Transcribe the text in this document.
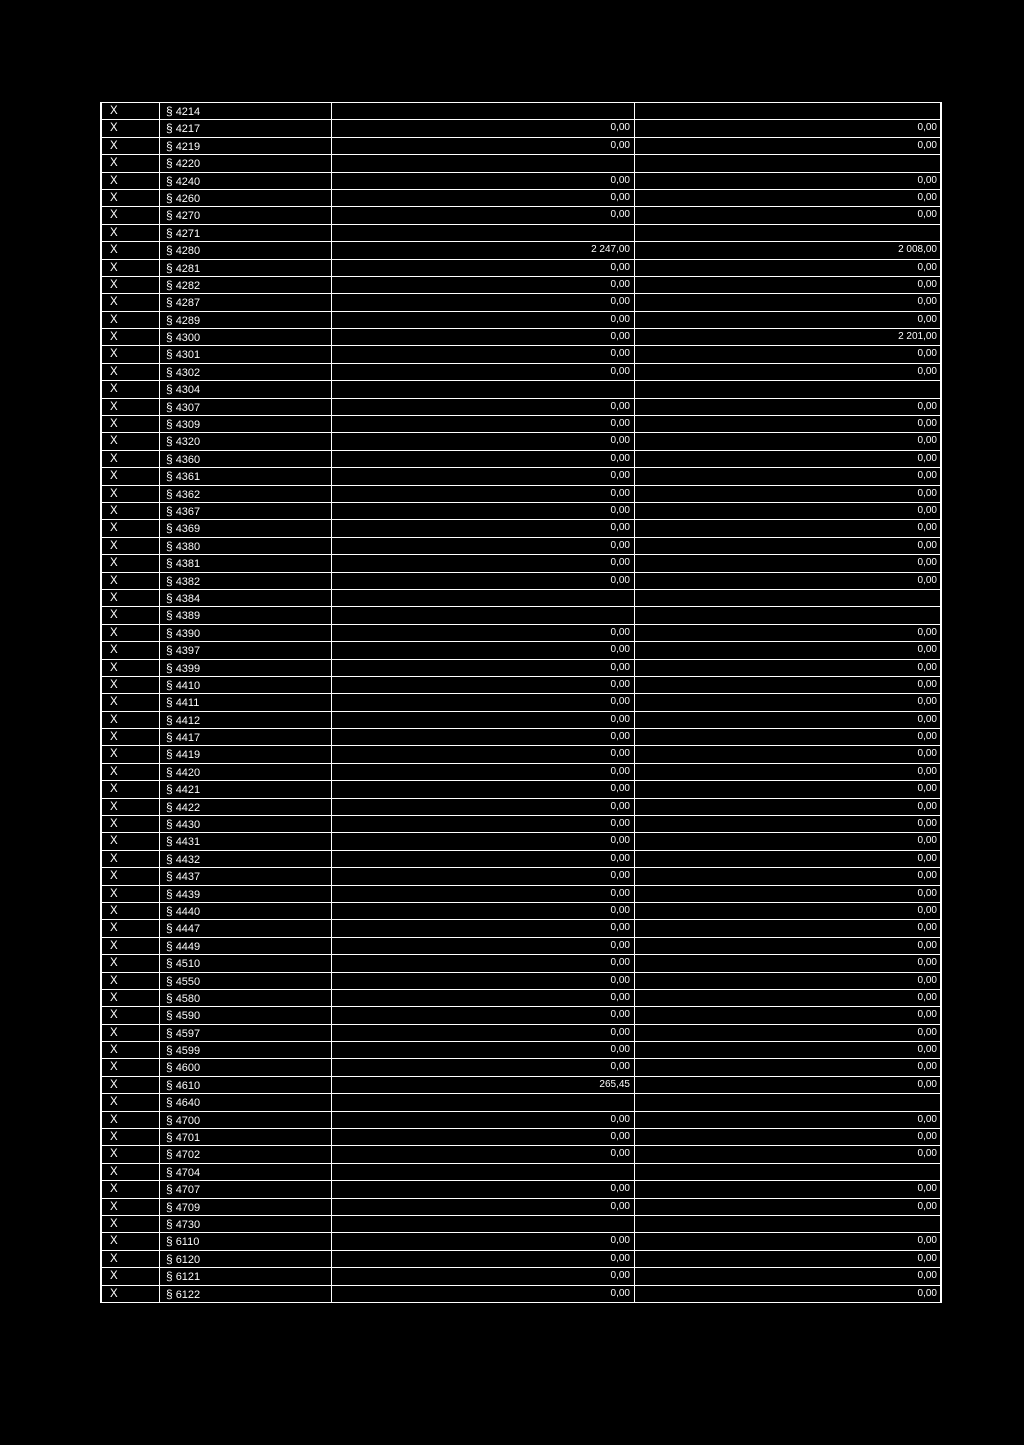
X	§ 4214
X	§ 4217	0,00	0,00
X	§ 4219	0,00	0,00
X	§ 4220
X	§ 4240	0,00	0,00
X	§ 4260	0,00	0,00
X	§ 4270	0,00	0,00
X	§ 4271
X	§ 4280	2 247,00	2 008,00
X	§ 4281	0,00	0,00
X	§ 4282	0,00	0,00
X	§ 4287	0,00	0,00
X	§ 4289	0,00	0,00
X	§ 4300	0,00	2 201,00
X	§ 4301	0,00	0,00
X	§ 4302	0,00	0,00
X	§ 4304
X	§ 4307	0,00	0,00
X	§ 4309	0,00	0,00
X	§ 4320	0,00	0,00
X	§ 4360	0,00	0,00
X	§ 4361	0,00	0,00
X	§ 4362	0,00	0,00
X	§ 4367	0,00	0,00
X	§ 4369	0,00	0,00
X	§ 4380	0,00	0,00
X	§ 4381	0,00	0,00
X	§ 4382	0,00	0,00
X	§ 4384
X	§ 4389
X	§ 4390	0,00	0,00
X	§ 4397	0,00	0,00
X	§ 4399	0,00	0,00
X	§ 4410	0,00	0,00
X	§ 4411	0,00	0,00
X	§ 4412	0,00	0,00
X	§ 4417	0,00	0,00
X	§ 4419	0,00	0,00
X	§ 4420	0,00	0,00
X	§ 4421	0,00	0,00
X	§ 4422	0,00	0,00
X	§ 4430	0,00	0,00
X	§ 4431	0,00	0,00
X	§ 4432	0,00	0,00
X	§ 4437	0,00	0,00
X	§ 4439	0,00	0,00
X	§ 4440	0,00	0,00
X	§ 4447	0,00	0,00
X	§ 4449	0,00	0,00
X	§ 4510	0,00	0,00
X	§ 4550	0,00	0,00
X	§ 4580	0,00	0,00
X	§ 4590	0,00	0,00
X	§ 4597	0,00	0,00
X	§ 4599	0,00	0,00
X	§ 4600	0,00	0,00
X	§ 4610	265,45	0,00
X	§ 4640
X	§ 4700	0,00	0,00
X	§ 4701	0,00	0,00
X	§ 4702	0,00	0,00
X	§ 4704
X	§ 4707	0,00	0,00
X	§ 4709	0,00	0,00
X	§ 4730
X	§ 6110	0,00	0,00
X	§ 6120	0,00	0,00
X	§ 6121	0,00	0,00
X	§ 6122	0,00	0,00
